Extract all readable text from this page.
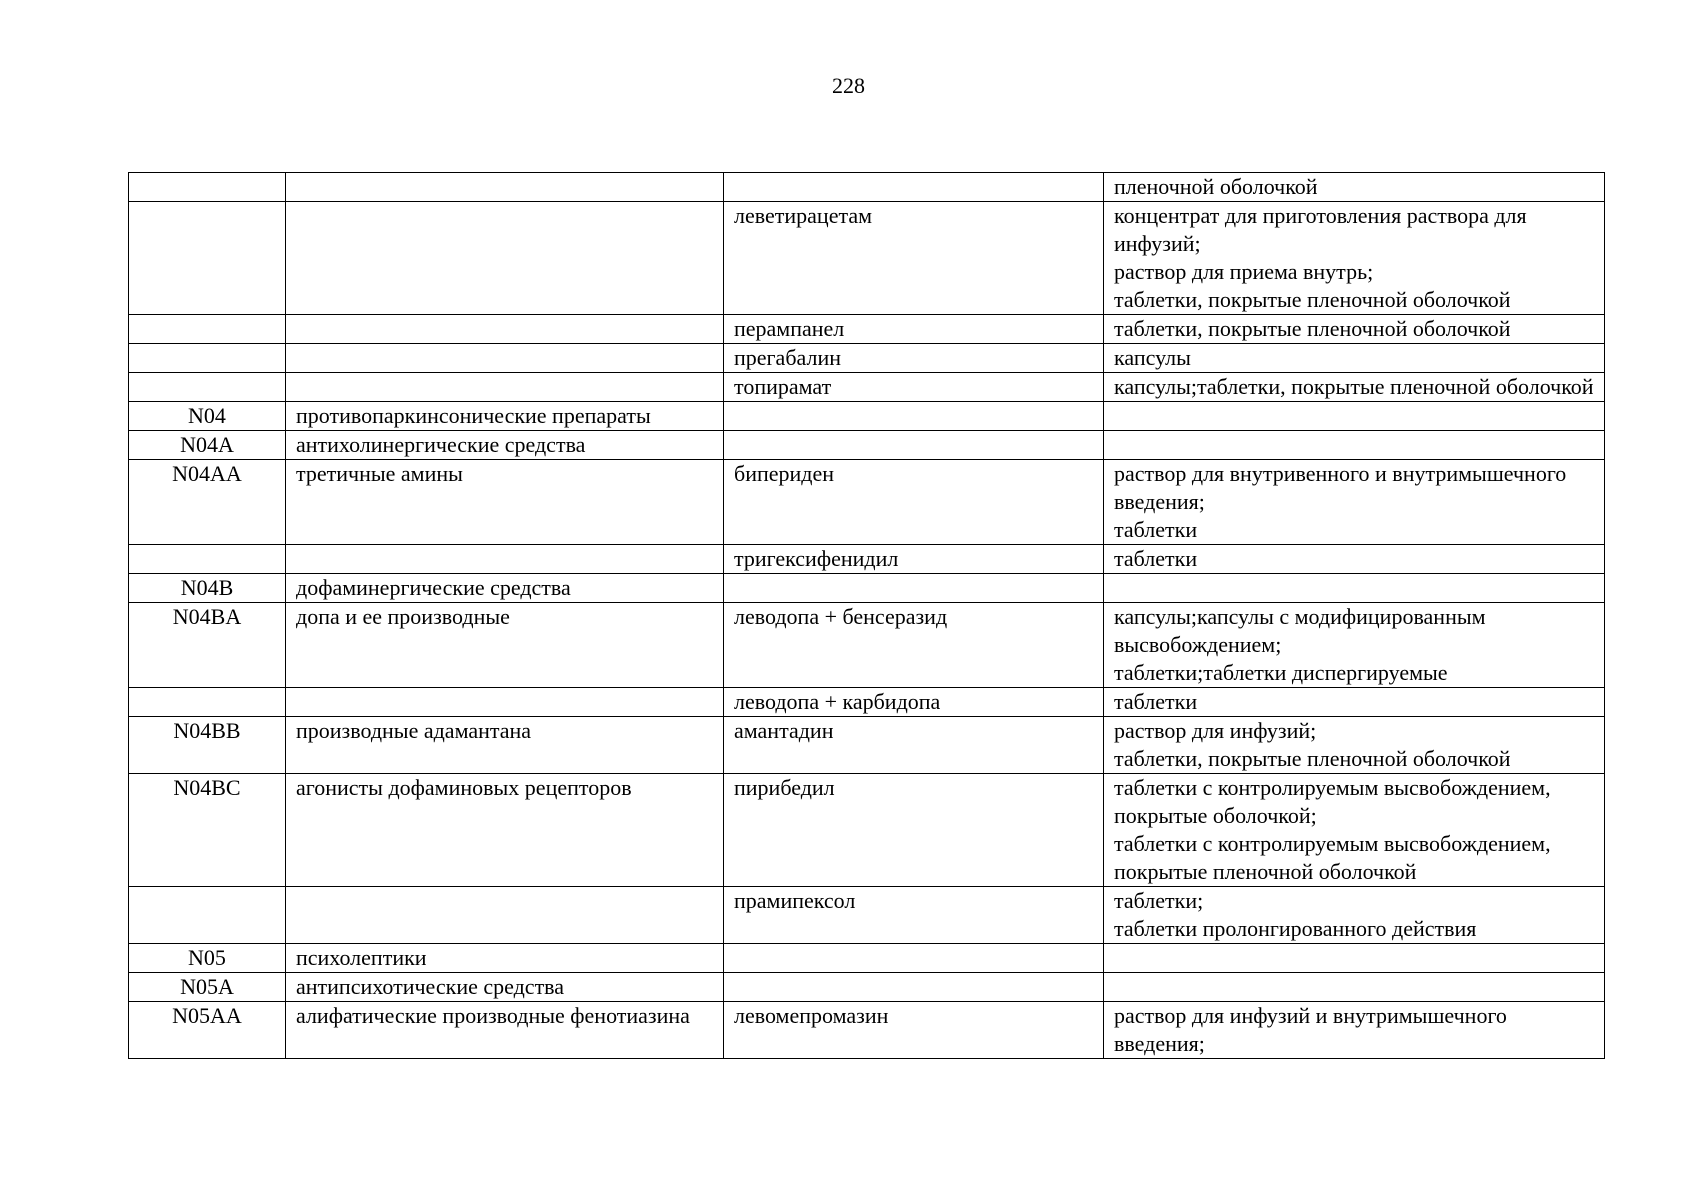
228
			пленочной оболочкой
		леветирацетам	концентрат для приготовления раствора для инфузий;
раствор для приема внутрь;
таблетки, покрытые пленочной оболочкой
		перампанел	таблетки, покрытые пленочной оболочкой
		прегабалин	капсулы
		топирамат	капсулы;таблетки, покрытые пленочной оболочкой
N04	противопаркинсонические препараты		
N04A	антихолинергические средства		
N04AA	третичные амины	бипериден	раствор для внутривенного и внутримышечного введения;
таблетки
		тригексифенидил	таблетки
N04B	дофаминергические средства		
N04BA	допа и ее производные	леводопа + бенсеразид	капсулы;капсулы с модифицированным высвобождением;
таблетки;таблетки диспергируемые
		леводопа + карбидопа	таблетки
N04BB	производные адамантана	амантадин	раствор для инфузий;
таблетки, покрытые пленочной оболочкой
N04BC	агонисты дофаминовых рецепторов	пирибедил	таблетки с контролируемым высвобождением, покрытые оболочкой;
таблетки с контролируемым высвобождением, покрытые пленочной оболочкой
		прамипексол	таблетки;
таблетки пролонгированного действия
N05	психолептики		
N05A	антипсихотические средства		
N05AA	алифатические производные фенотиазина	левомепромазин	раствор для инфузий и внутримышечного введения;
